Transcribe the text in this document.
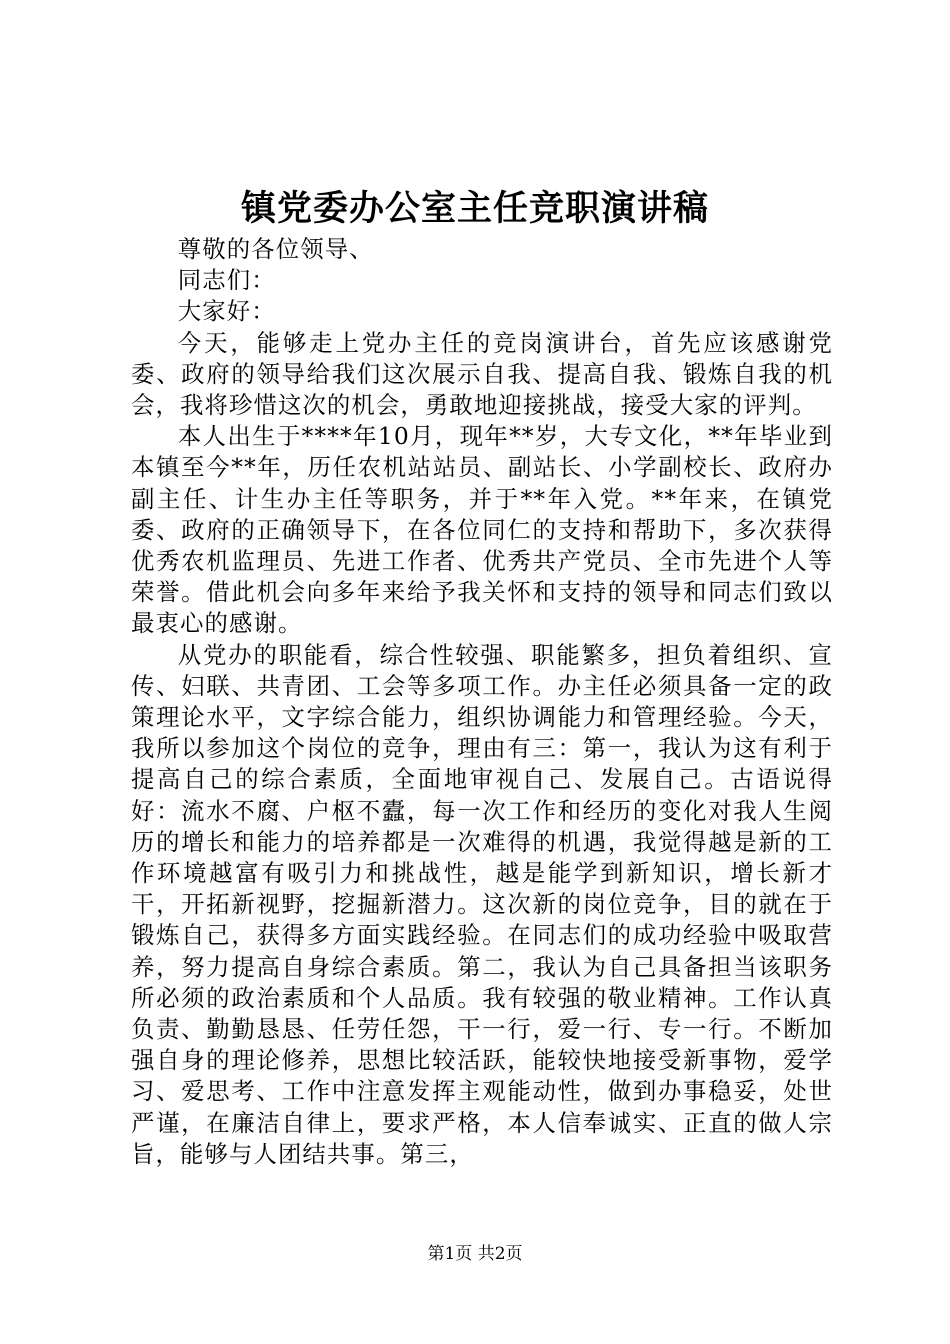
镇党委办公室主任竞职演讲稿

尊敬的各位领导、

同志们：

大家好：

今天，能够走上党办主任的竞岗演讲台，首先应该感谢党委、政府的领导给我们这次展示自我、提高自我、锻炼自我的机会，我将珍惜这次的机会，勇敢地迎接挑战，接受大家的评判。

本人出生于****年10月，现年**岁，大专文化，**年毕业到本镇至今**年，历任农机站站员、副站长、小学副校长、政府办副主任、计生办主任等职务，并于**年入党。**年来，在镇党委、政府的正确领导下，在各位同仁的支持和帮助下，多次获得优秀农机监理员、先进工作者、优秀共产党员、全市先进个人等荣誉。借此机会向多年来给予我关怀和支持的领导和同志们致以最衷心的感谢。

从党办的职能看，综合性较强、职能繁多，担负着组织、宣传、妇联、共青团、工会等多项工作。办主任必须具备一定的政策理论水平，文字综合能力，组织协调能力和管理经验。今天，我所以参加这个岗位的竞争，理由有三：第一，我认为这有利于提高自己的综合素质，全面地审视自己、发展自己。古语说得好：流水不腐、户枢不蠹，每一次工作和经历的变化对我人生阅历的增长和能力的培养都是一次难得的机遇，我觉得越是新的工作环境越富有吸引力和挑战性，越是能学到新知识，增长新才干，开拓新视野，挖掘新潜力。这次新的岗位竞争，目的就在于锻炼自己，获得多方面实践经验。在同志们的成功经验中吸取营养，努力提高自身综合素质。第二，我认为自己具备担当该职务所必须的政治素质和个人品质。我有较强的敬业精神。工作认真负责、勤勤恳恳、任劳任怨，干一行，爱一行、专一行。不断加强自身的理论修养，思想比较活跃，能较快地接受新事物，爱学习、爱思考、工作中注意发挥主观能动性，做到办事稳妥，处世严谨，在廉洁自律上，要求严格，本人信奉诚实、正直的做人宗旨，能够与人团结共事。第三，

第1页 共2页
